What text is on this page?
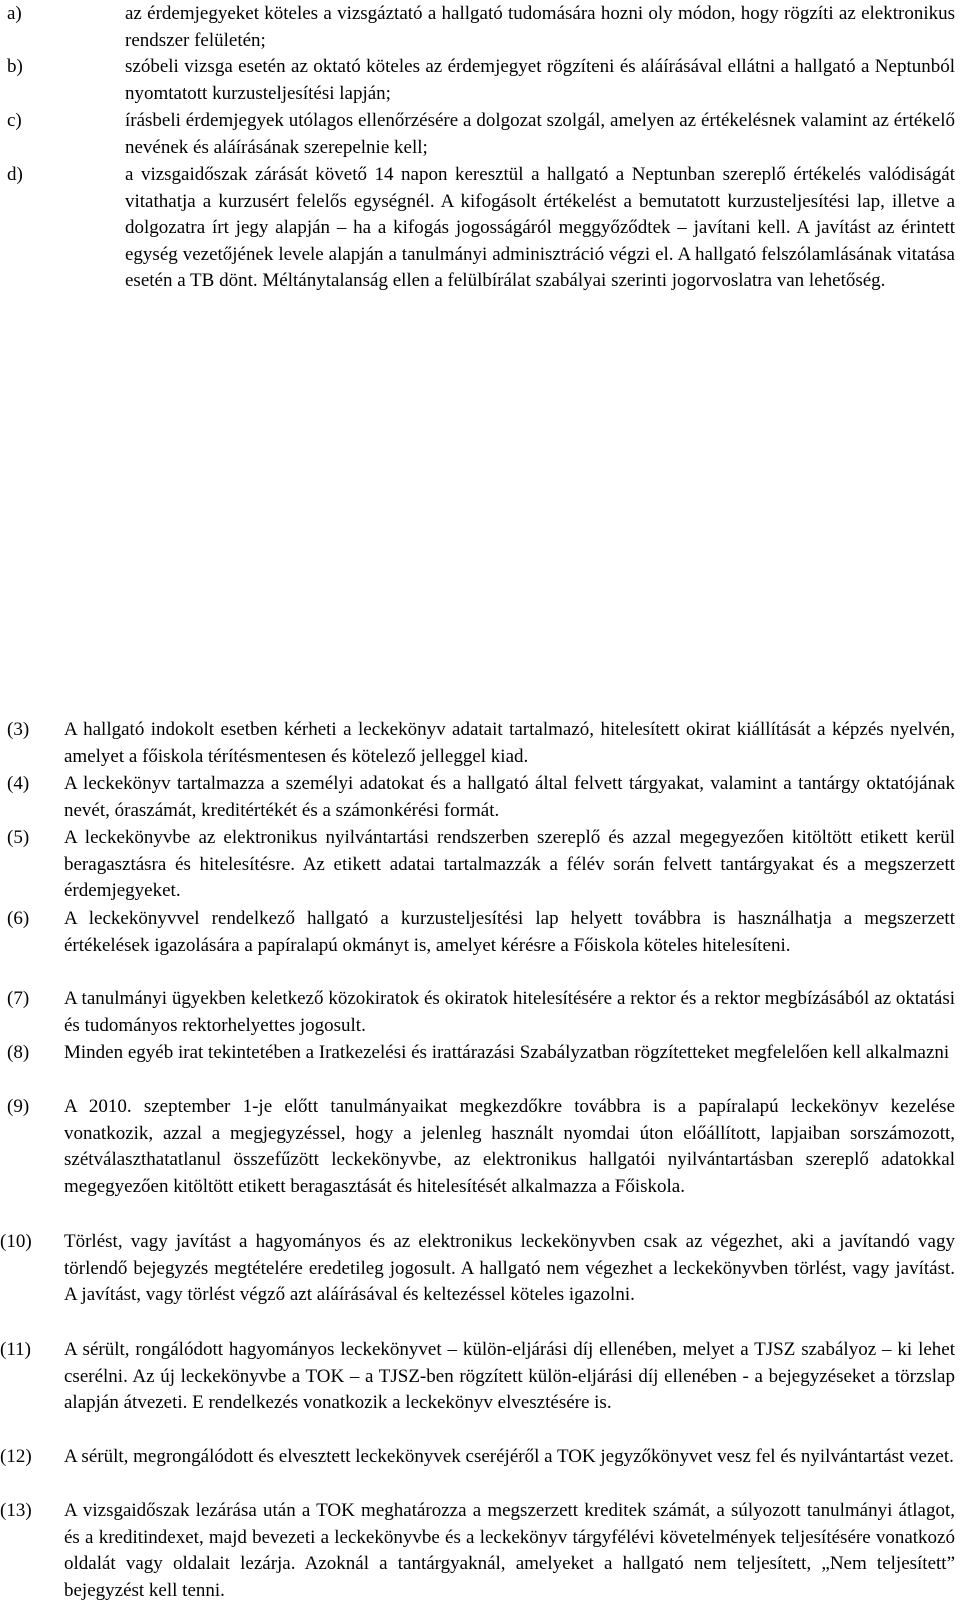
a)	az érdemjegyeket köteles a vizsgáztató a hallgató tudomására hozni oly módon, hogy rögzíti az elektronikus rendszer felületén;
b)	szóbeli vizsga esetén az oktató köteles az érdemjegyet rögzíteni és aláírásával ellátni a hallgató a Neptunból nyomtatott kurzusteljesítési lapján;
c)	írásbeli érdemjegyek utólagos ellenőrzésére a dolgozat szolgál, amelyen az értékelésnek valamint az értékelő nevének és aláírásának szerepelnie kell;
d)	a vizsgaidőszak zárását követő 14 napon keresztül a hallgató a Neptunban szereplő értékelés valódiságát vitathatja a kurzusért felelős egységnél. A kifogásolt értékelést a bemutatott kurzusteljesítési lap, illetve a dolgozatra írt jegy alapján – ha a kifogás jogosságáról meggyőződtek – javítani kell. A javítást az érintett egység vezetőjének levele alapján a tanulmányi adminisztráció végzi el. A hallgató felszólamlásának vitatása esetén a TB dönt. Méltánytalanság ellen a felülbírálat szabályai szerinti jogorvoslatra van lehetőség.
(3) A hallgató indokolt esetben kérheti a leckekönyv adatait tartalmazó, hitelesített okirat kiállítását a képzés nyelvén, amelyet a főiskola térítésmentesen és kötelező jelleggel kiad.
(4) A leckekönyv tartalmazza a személyi adatokat és a hallgató által felvett tárgyakat, valamint a tantárgy oktatójának nevét, óraszámát, kreditértékét és a számonkérési formát.
(5) A leckekönyvbe az elektronikus nyilvántartási rendszerben szereplő és azzal megegyezően kitöltött etikett kerül beragasztásra és hitelesítésre. Az etikett adatai tartalmazzák a félév során felvett tantárgyakat és a megszerzett érdemjegyeket.
(6) A leckekönyvvel rendelkező hallgató a kurzusteljesítési lap helyett továbbra is használhatja a megszerzett értékelések igazolására a papíralapú okmányt is, amelyet kérésre a Főiskola köteles hitelesíteni.
(7) A tanulmányi ügyekben keletkező közokiratok és okiratok hitelesítésére a rektor és a rektor megbízásából az oktatási és tudományos rektorhelyettes jogosult.
(8) Minden egyéb irat tekintetében a Iratkezelési és irattárazási Szabályzatban rögzítetteket megfelelően kell alkalmazni
(9) A 2010. szeptember 1-je előtt tanulmányaikat megkezdőkre továbbra is a papíralapú leckekönyv kezelése vonatkozik, azzal a megjegyzéssel, hogy a jelenleg használt nyomdai úton előállított, lapjaiban sorszámozott, szétválaszthatatlanul összefűzött leckekönyvbe, az elektronikus hallgatói nyilvántartásban szereplő adatokkal megegyezően kitöltött etikett beragasztását és hitelesítését alkalmazza a Főiskola.
(10) Törlést, vagy javítást a hagyományos és az elektronikus leckekönyvben csak az végezhet, aki a javítandó vagy törlendő bejegyzés megtételére eredetileg jogosult. A hallgató nem végezhet a leckekönyvben törlést, vagy javítást. A javítást, vagy törlést végző azt aláírásával és keltezéssel köteles igazolni.
(11) A sérült, rongálódott hagyományos leckekönyvet – külön-eljárási díj ellenében, melyet a TJSZ szabályoz – ki lehet cserélni. Az új leckekönyvbe a TOK – a TJSZ-ben rögzített külön-eljárási díj ellenében - a bejegyzéseket a törzslap alapján átvezeti. E rendelkezés vonatkozik a leckekönyv elvesztésére is.
(12) A sérült, megrongálódott és elvesztett leckekönyvek cseréjéről a TOK jegyzőkönyvet vesz fel és nyilvántartást vezet.
(13) A vizsgaidőszak lezárása után a TOK meghatározza a megszerzett kreditek számát, a súlyozott tanulmányi átlagot, és a kreditindexet, majd bevezeti a leckekönyvbe és a leckekönyv tárgyfélévi követelmények teljesítésére vonatkozó oldalát vagy oldalait lezárja. Azoknál a tantárgyaknál, amelyeket a hallgató nem teljesített, „Nem teljesített” bejegyzést kell tenni.
